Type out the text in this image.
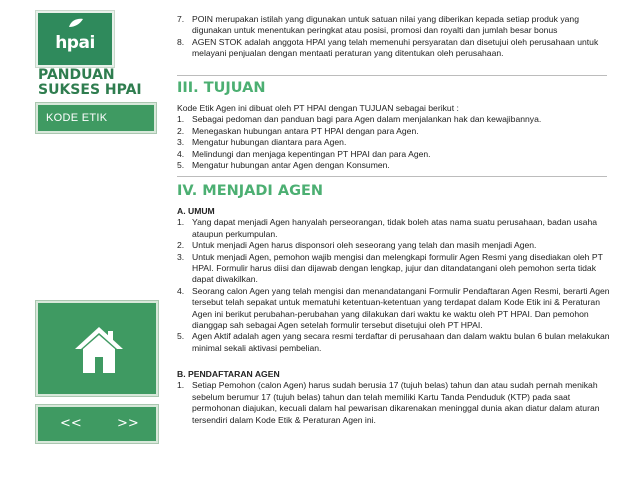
hpai
PANDUAN
SUKSES HPAI
KODE ETIK
<<	>>
7. POIN merupakan istilah yang digunakan untuk satuan nilai yang diberikan kepada setiap produk yang digunakan untuk menentukan peringkat atau posisi, promosi dan royalti dan jumlah besar bonus
8. AGEN STOK adalah anggota HPAI yang telah memenuhi persyaratan dan disetujui oleh perusahaan untuk melayani penjualan dengan mentaati peraturan yang ditentukan oleh perusahaan.
III. TUJUAN
Kode Etik Agen ini dibuat oleh PT HPAI dengan TUJUAN sebagai berikut :
1. Sebagai pedoman dan panduan bagi para Agen dalam menjalankan hak dan kewajibannya.
2. Menegaskan hubungan antara PT HPAI dengan para Agen.
3. Mengatur hubungan diantara para Agen.
4. Melindungi dan menjaga kepentingan PT HPAI dan para Agen.
5. Mengatur hubungan antar Agen dengan Konsumen.
IV. MENJADI AGEN
A. UMUM
1. Yang dapat menjadi Agen hanyalah perseorangan, tidak boleh atas nama suatu perusahaan, badan usaha ataupun perkumpulan.
2. Untuk menjadi Agen harus disponsori oleh seseorang yang telah dan masih menjadi Agen.
3. Untuk menjadi Agen, pemohon wajib mengisi dan melengkapi formulir Agen Resmi yang disediakan oleh PT HPAI. Formulir harus diisi dan dijawab dengan lengkap, jujur dan ditandatangani oleh pemohon serta tidak dapat diwakilkan.
4. Seorang calon Agen yang telah mengisi dan menandatangani Formulir Pendaftaran Agen Resmi, berarti Agen tersebut telah sepakat untuk mematuhi ketentuan-ketentuan yang terdapat dalam Kode Etik ini & Peraturan Agen ini berikut perubahan-perubahan yang dilakukan dari waktu ke waktu oleh PT HPAI. Dan pemohon dianggap sah sebagai Agen setelah formulir tersebut disetujui oleh PT HPAI.
5. Agen Aktif adalah agen yang secara resmi terdaftar di perusahaan dan dalam waktu bulan 6 bulan melakukan minimal sekali aktivasi pembelian.
B. PENDAFTARAN AGEN
1. Setiap Pemohon (calon Agen) harus sudah berusia 17 (tujuh belas) tahun dan atau sudah pernah menikah sebelum berumur 17 (tujuh belas) tahun dan telah memiliki Kartu Tanda Penduduk (KTP) pada saat permohonan diajukan, kecuali dalam hal pewarisan dikarenakan meninggal dunia akan diatur dalam aturan tersendiri dalam Kode Etik & Peraturan Agen ini.
